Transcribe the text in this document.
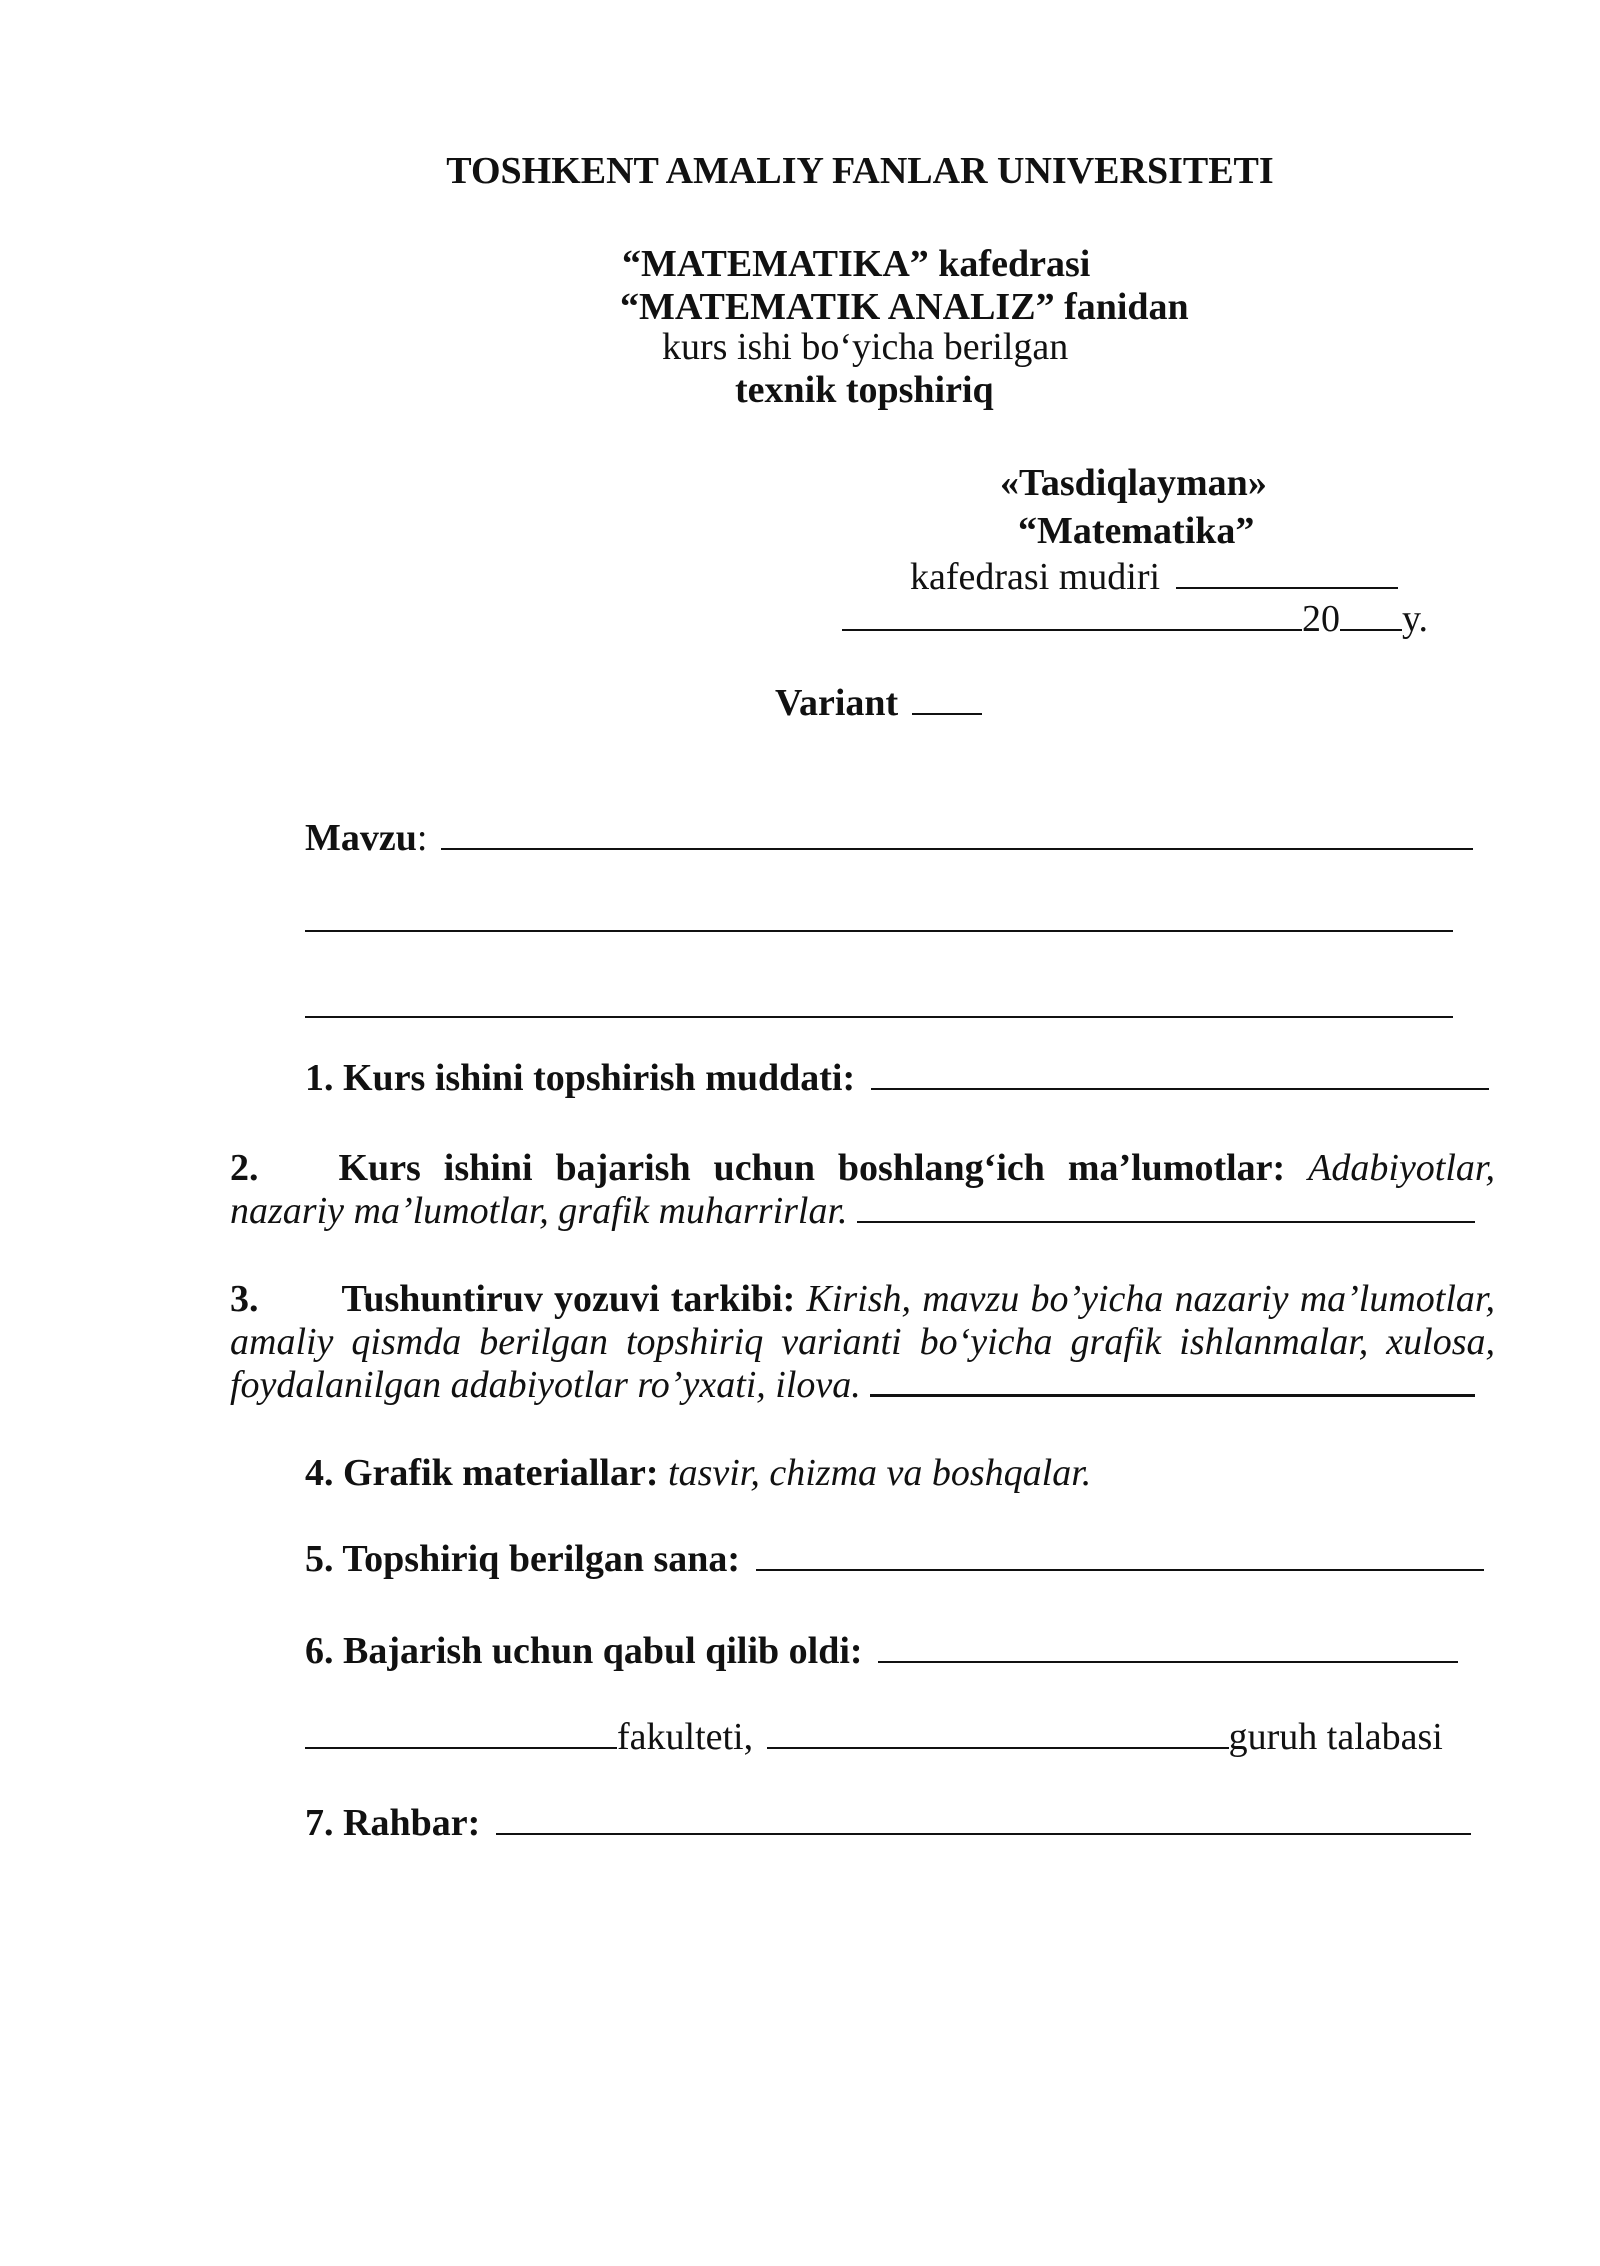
TOSHKENT AMALIY FANLAR UNIVERSITETI
“MATEMATIKA” kafedrasi
“MATEMATIK ANALIZ” fanidan
kurs ishi bo‘yicha berilgan
texnik topshiriq
«Tasdiqlayman»
“Matematika”
kafedrasi mudiri
20 y.
Variant
Mavzu:
1. Kurs ishini topshirish muddati:
2. Kurs ishini bajarish uchun boshlang‘ich ma’lumotlar: Adabiyotlar, nazariy ma’lumotlar, grafik muharrirlar.
3. Tushuntiruv yozuvi tarkibi: Kirish, mavzu bo’yicha nazariy ma’lumotlar, amaliy qismda berilgan topshiriq varianti bo‘yicha grafik ishlanmalar, xulosa, foydalanilgan adabiyotlar ro’yxati, ilova.
4. Grafik materiallar: tasvir, chizma va boshqalar.
5. Topshiriq berilgan sana:
6. Bajarish uchun qabul qilib oldi:
fakulteti,	guruh talabasi
7. Rahbar:
